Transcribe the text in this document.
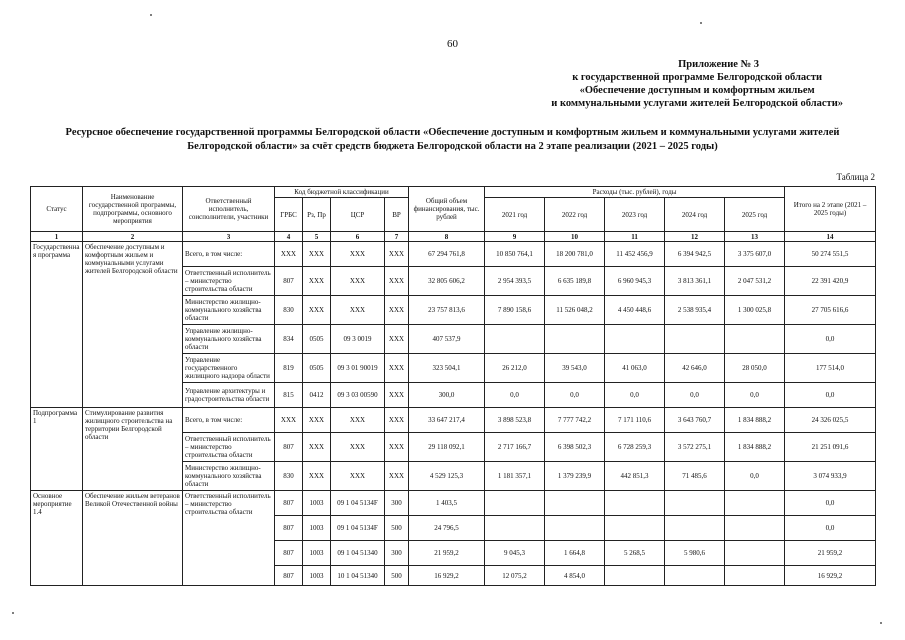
60
Приложение № 3
к государственной программе Белгородской области
«Обеспечение доступным и комфортным жильем
и коммунальными услугами жителей Белгородской области»
Ресурсное обеспечение государственной программы Белгородской области «Обеспечение доступным и комфортным жильем и коммунальными услугами жителей
Белгородской области» за счёт средств бюджета Белгородской области на 2 этапе реализации (2021 – 2025 годы)
Таблица 2
Статус	Наименование государственной программы, подпрограммы, основного мероприятия	Ответственный исполнитель, соисполнители, участники	Код бюджетной классификации				Общий объем финансирования, тыс. рублей	Расходы (тыс. рублей), годы					Итого на 2 этапе (2021 – 2025 годы)
			ГРБС	Рз, Пр	ЦСР	ВР		2021 год	2022 год	2023 год	2024 год	2025 год	
1	2	3	4	5	6	7	8	9	10	11	12	13	14
Государственная программа	Обеспечение доступным и комфортным жильем и коммунальными услугами жителей Белгородской области	Всего, в том числе:	ХХХ	ХХХ	ХХХ	ХХХ	67 294 761,8	10 850 764,1	18 200 781,0	11 452 456,9	6 394 942,5	3 375 607,0	50 274 551,5
		Ответственный исполнитель – министерство строительства области	807	ХХХ	ХХХ	ХХХ	32 805 606,2	2 954 393,5	6 635 189,8	6 960 945,3	3 813 361,1	2 047 531,2	22 391 420,9
		Министерство жилищно-коммунального хозяйства области	830	ХХХ	ХХХ	ХХХ	23 757 813,6	7 890 158,6	11 526 048,2	4 450 448,6	2 538 935,4	1 300 025,8	27 705 616,6
		Управление жилищно-коммунального хозяйства области	834	0505	09 3 0019	ХХХ	407 537,9						0,0
		Управление государственного жилищного надзора области	819	0505	09 3 01 90019	ХХХ	323 504,1	26 212,0	39 543,0	41 063,0	42 646,0	28 050,0	177 514,0
		Управление архитектуры и градостроительства области	815	0412	09 3 03 00590	ХХХ	300,0	0,0	0,0	0,0	0,0	0,0	0,0
Подпрограмма 1	Стимулирование развития жилищного строительства на территории Белгородской области	Всего, в том числе:	ХХХ	ХХХ	ХХХ	ХХХ	33 647 217,4	3 898 523,8	7 777 742,2	7 171 110,6	3 643 760,7	1 834 888,2	24 326 025,5
		Ответственный исполнитель – министерство строительства области	807	ХХХ	ХХХ	ХХХ	29 118 092,1	2 717 166,7	6 398 502,3	6 728 259,3	3 572 275,1	1 834 888,2	21 251 091,6
		Министерство жилищно-коммунального хозяйства области	830	ХХХ	ХХХ	ХХХ	4 529 125,3	1 181 357,1	1 379 239,9	442 851,3	71 485,6	0,0	3 074 933,9
Основное мероприятие 1.4	Обеспечение жильем ветеранов Великой Отечественной войны	Ответственный исполнитель – министерство строительства области	807	1003	09 1 04 5134F	300	1 403,5						0,0
			807	1003	09 1 04 5134F	500	24 796,5						0,0
			807	1003	09 1 04 51340	300	21 959,2	9 045,3	1 664,8	5 268,5	5 980,6		21 959,2
			807	1003	10 1 04 51340	500	16 929,2	12 075,2	4 854,0				16 929,2
